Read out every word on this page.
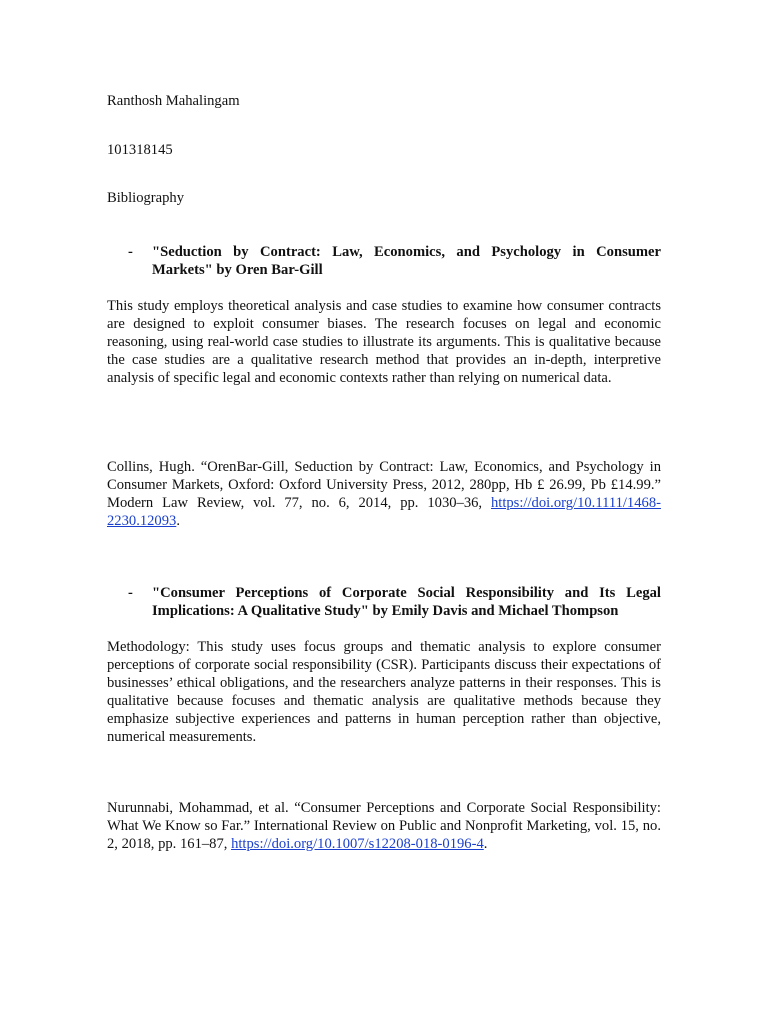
Ranthosh Mahalingam
101318145
Bibliography
- "Seduction by Contract: Law, Economics, and Psychology in Consumer Markets" by Oren Bar-Gill

This study employs theoretical analysis and case studies to examine how consumer contracts are designed to exploit consumer biases. The research focuses on legal and economic reasoning, using real-world case studies to illustrate its arguments. This is qualitative because the case studies are a qualitative research method that provides an in-depth, interpretive analysis of specific legal and economic contexts rather than relying on numerical data.

Collins, Hugh. “OrenBar-Gill, Seduction by Contract: Law, Economics, and Psychology in Consumer Markets, Oxford: Oxford University Press, 2012, 280pp, Hb £ 26.99, Pb £14.99.” Modern Law Review, vol. 77, no. 6, 2014, pp. 1030–36, https://doi.org/10.1111/1468-2230.12093.

- "Consumer Perceptions of Corporate Social Responsibility and Its Legal Implications: A Qualitative Study" by Emily Davis and Michael Thompson

Methodology: This study uses focus groups and thematic analysis to explore consumer perceptions of corporate social responsibility (CSR). Participants discuss their expectations of businesses’ ethical obligations, and the researchers analyze patterns in their responses. This is qualitative because focuses and thematic analysis are qualitative methods because they emphasize subjective experiences and patterns in human perception rather than objective, numerical measurements.

Nurunnabi, Mohammad, et al. “Consumer Perceptions and Corporate Social Responsibility: What We Know so Far.” International Review on Public and Nonprofit Marketing, vol. 15, no. 2, 2018, pp. 161–87, https://doi.org/10.1007/s12208-018-0196-4.
